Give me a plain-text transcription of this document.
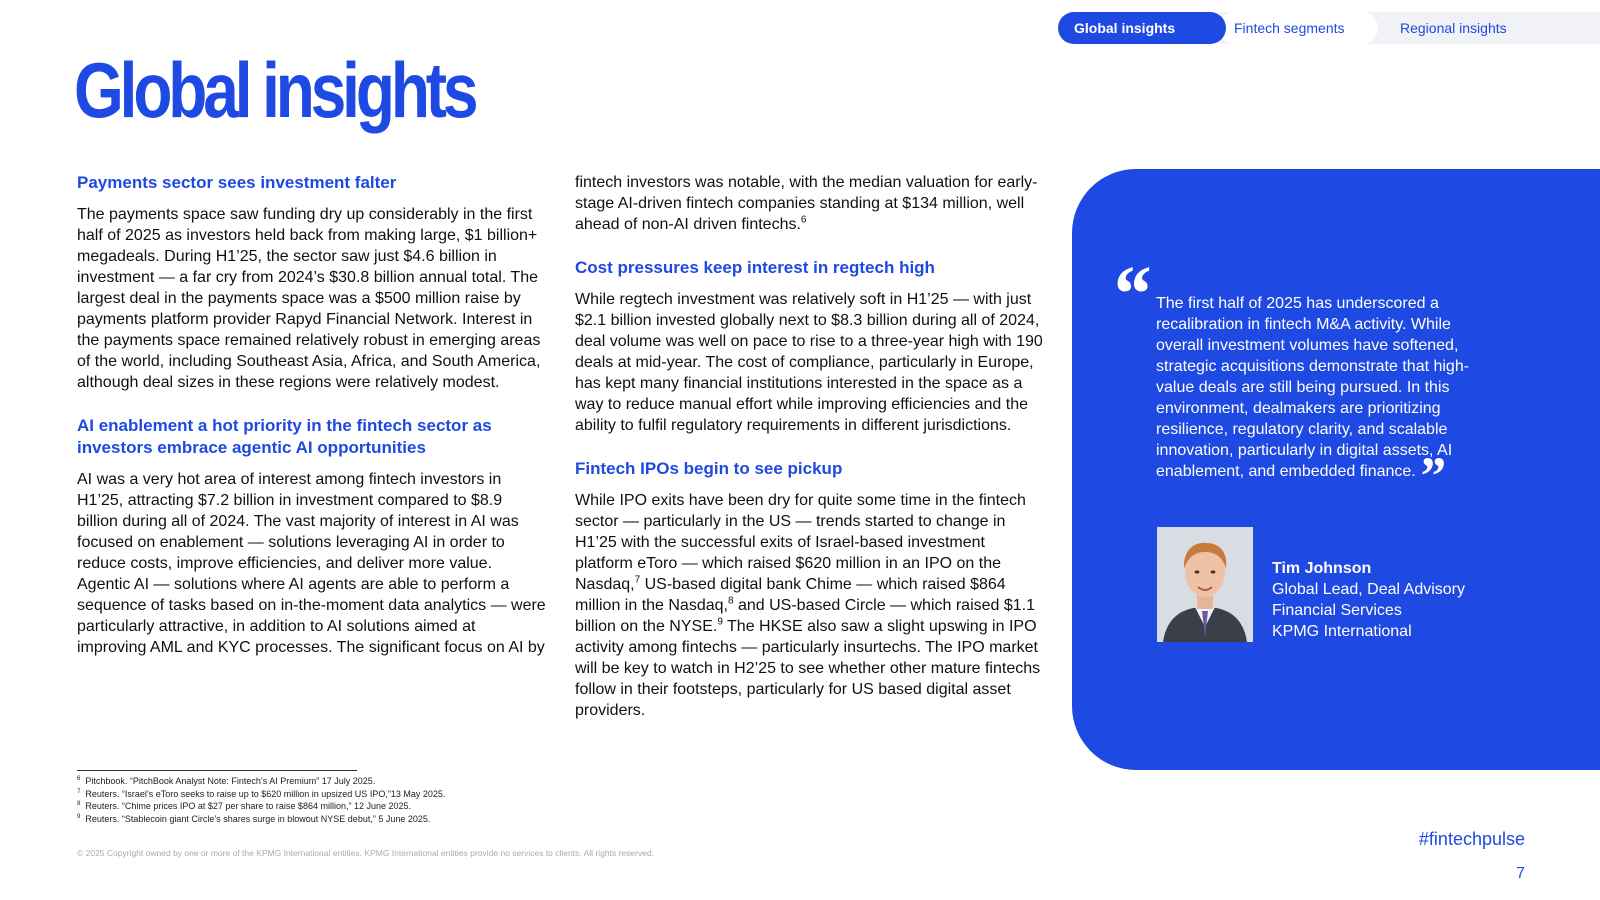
Regional insights
Fintech segments
Global insights
Global insights
Payments sector sees investment falter

The payments space saw funding dry up considerably in the first half of 2025 as investors held back from making large, $1 billion+ megadeals. During H1’25, the sector saw just $4.6 billion in investment — a far cry from 2024’s $30.8 billion annual total. The largest deal in the payments space was a $500 million raise by payments platform provider Rapyd Financial Network. Interest in the payments space remained relatively robust in emerging areas of the world, including Southeast Asia, Africa, and South America, although deal sizes in these regions were relatively modest.

AI enablement a hot priority in the fintech sector as investors embrace agentic AI opportunities

AI was a very hot area of interest among fintech investors in H1’25, attracting $7.2 billion in investment compared to $8.9 billion during all of 2024. The vast majority of interest in AI was focused on enablement — solutions leveraging AI in order to reduce costs, improve efficiencies, and deliver more value. Agentic AI — solutions where AI agents are able to perform a sequence of tasks based on in-the-moment data analytics — were particularly attractive, in addition to AI solutions aimed at improving AML and KYC processes. The significant focus on AI by

fintech investors was notable, with the median valuation for early-stage AI-driven fintech companies standing at $134 million, well ahead of non-AI driven fintechs.$^6$

Cost pressures keep interest in regtech high

While regtech investment was relatively soft in H1’25 — with just $2.1 billion invested globally next to $8.3 billion during all of 2024, deal volume was well on pace to rise to a three-year high with 190 deals at mid-year. The cost of compliance, particularly in Europe, has kept many financial institutions interested in the space as a way to reduce manual effort while improving efficiencies and the ability to fulfil regulatory requirements in different jurisdictions.

Fintech IPOs begin to see pickup

While IPO exits have been dry for quite some time in the fintech sector — particularly in the US — trends started to change in H1’25 with the successful exits of Israel-based investment platform eToro — which raised $620 million in an IPO on the Nasdaq,$^7$ US-based digital bank Chime — which raised $864 million in the Nasdaq,$^8$ and US-based Circle — which raised $1.1 billion on the NYSE.$^9$ The HKSE also saw a slight upswing in IPO activity among fintechs — particularly insurtechs. The IPO market will be key to watch in H2’25 to see whether other mature fintechs follow in their footsteps, particularly for US based digital asset providers.

“ The first half of 2025 has underscored a recalibration in fintech M&A activity. While overall investment volumes have softened, strategic acquisitions demonstrate that high-value deals are still being pursued. In this environment, dealmakers are prioritizing resilience, regulatory clarity, and scalable innovation, particularly in digital assets, AI enablement, and embedded finance.”

Tim Johnson
Global Lead, Deal Advisory
Financial Services
KPMG International
$^6$ Pitchbook. “PitchBook Analyst Note: Fintech’s AI Premium” 17 July 2025.
$^7$ Reuters. “Israel’s eToro seeks to raise up to $620 million in upsized US IPO,”13 May 2025.
$^8$ Reuters. “Chime prices IPO at $27 per share to raise $864 million,” 12 June 2025.
$^9$ Reuters. “Stablecoin giant Circle’s shares surge in blowout NYSE debut,” 5 June 2025.
© 2025 Copyright owned by one or more of the KPMG International entities. KPMG International entities provide no services to clients. All rights reserved.
#fintechpulse
7
